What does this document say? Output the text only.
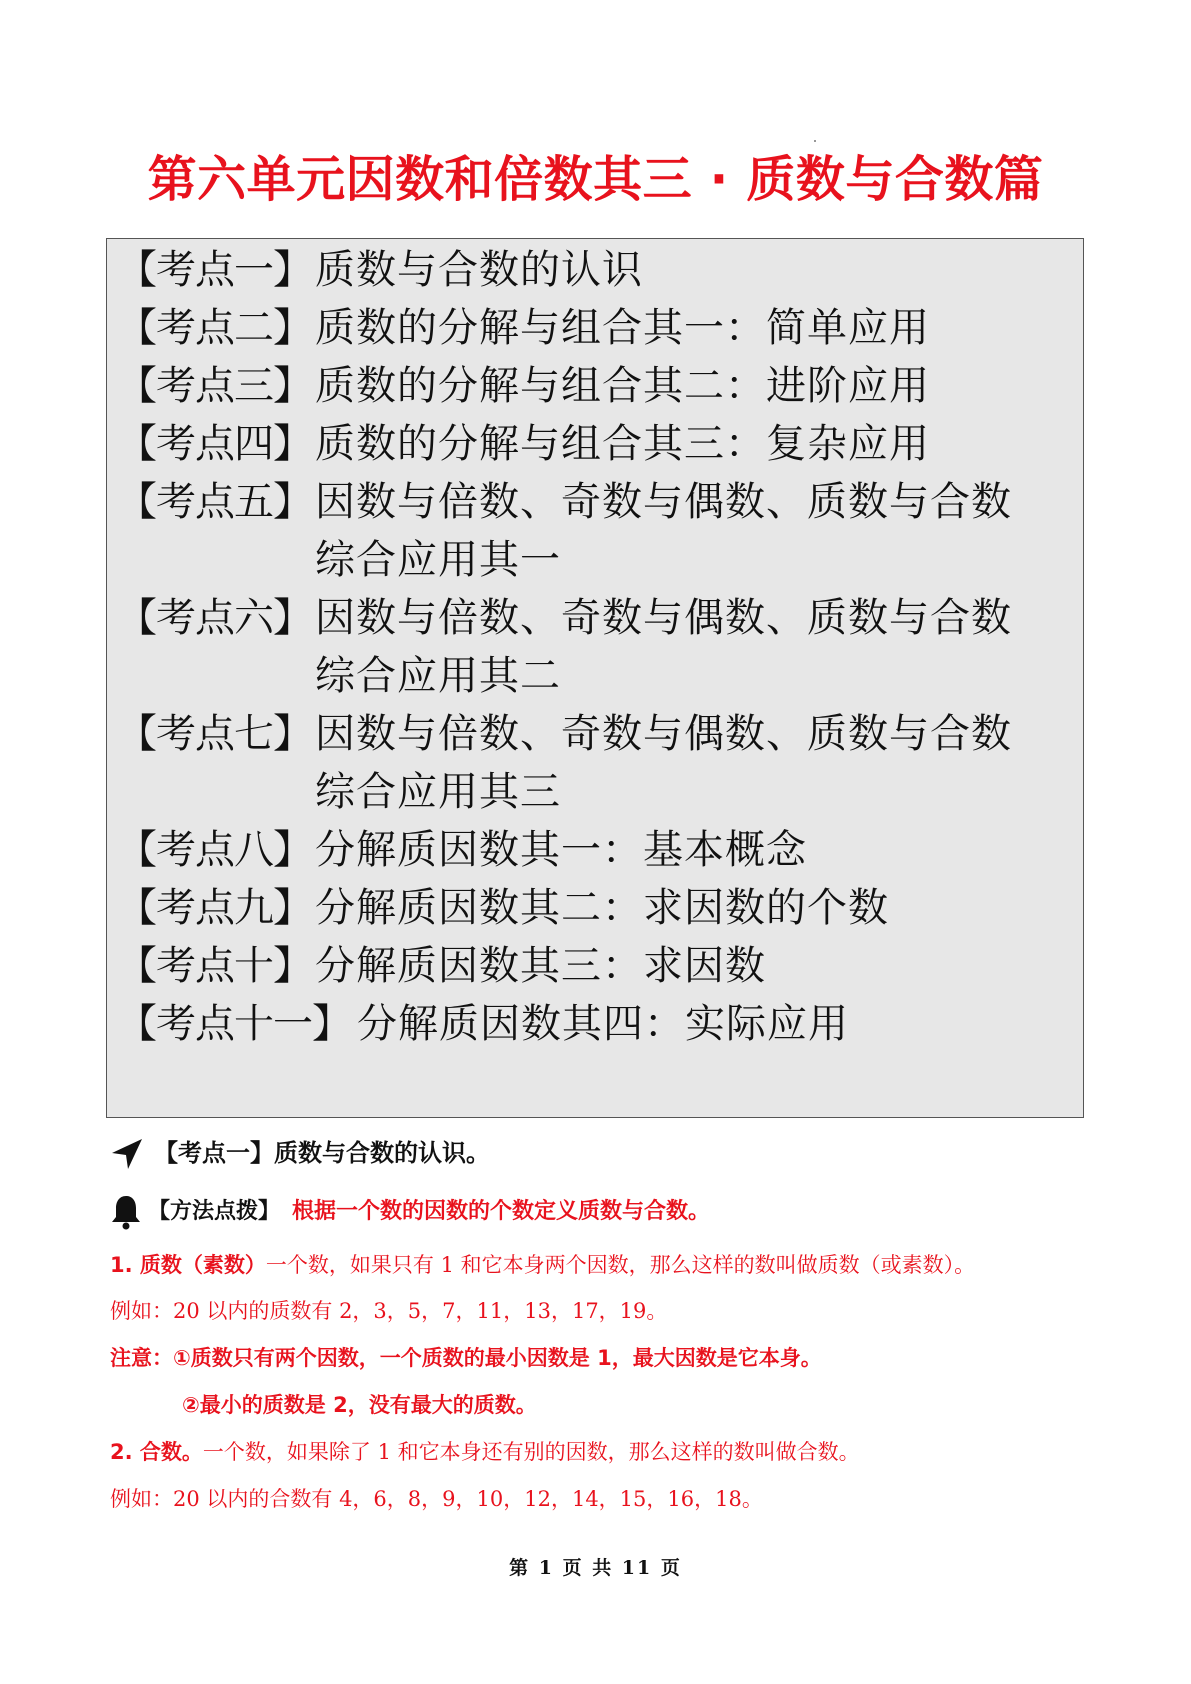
第六单元因数和倍数其三 · 质数与合数篇
【考点一】 质数与合数的认识
【考点二】 质数的分解与组合其一：简单应用
【考点三】 质数的分解与组合其二：进阶应用
【考点四】 质数的分解与组合其三：复杂应用
【考点五】 因数与倍数、奇数与偶数、质数与合数
综合应用其一
【考点六】 因数与倍数、奇数与偶数、质数与合数
综合应用其二
【考点七】 因数与倍数、奇数与偶数、质数与合数
综合应用其三
【考点八】 分解质因数其一：基本概念
【考点九】 分解质因数其二：求因数的个数
【考点十】 分解质因数其三：求因数
【考点十一】 分解质因数其四：实际应用
【考点一】质数与合数的认识。
【方法点拨】 根据一个数的因数的个数定义质数与合数。
1. 质数（素数）一个数，如果只有 1 和它本身两个因数，那么这样的数叫做质数（或素数）。
例如：20 以内的质数有 2，3，5，7，11，13，17，19。
注意：①质数只有两个因数，一个质数的最小因数是 1，最大因数是它本身。
②最小的质数是 2，没有最大的质数。
2. 合数。一个数，如果除了 1 和它本身还有别的因数，那么这样的数叫做合数。
例如：20 以内的合数有 4，6，8，9，10，12，14，15，16，18。
第 1 页 共 11 页
